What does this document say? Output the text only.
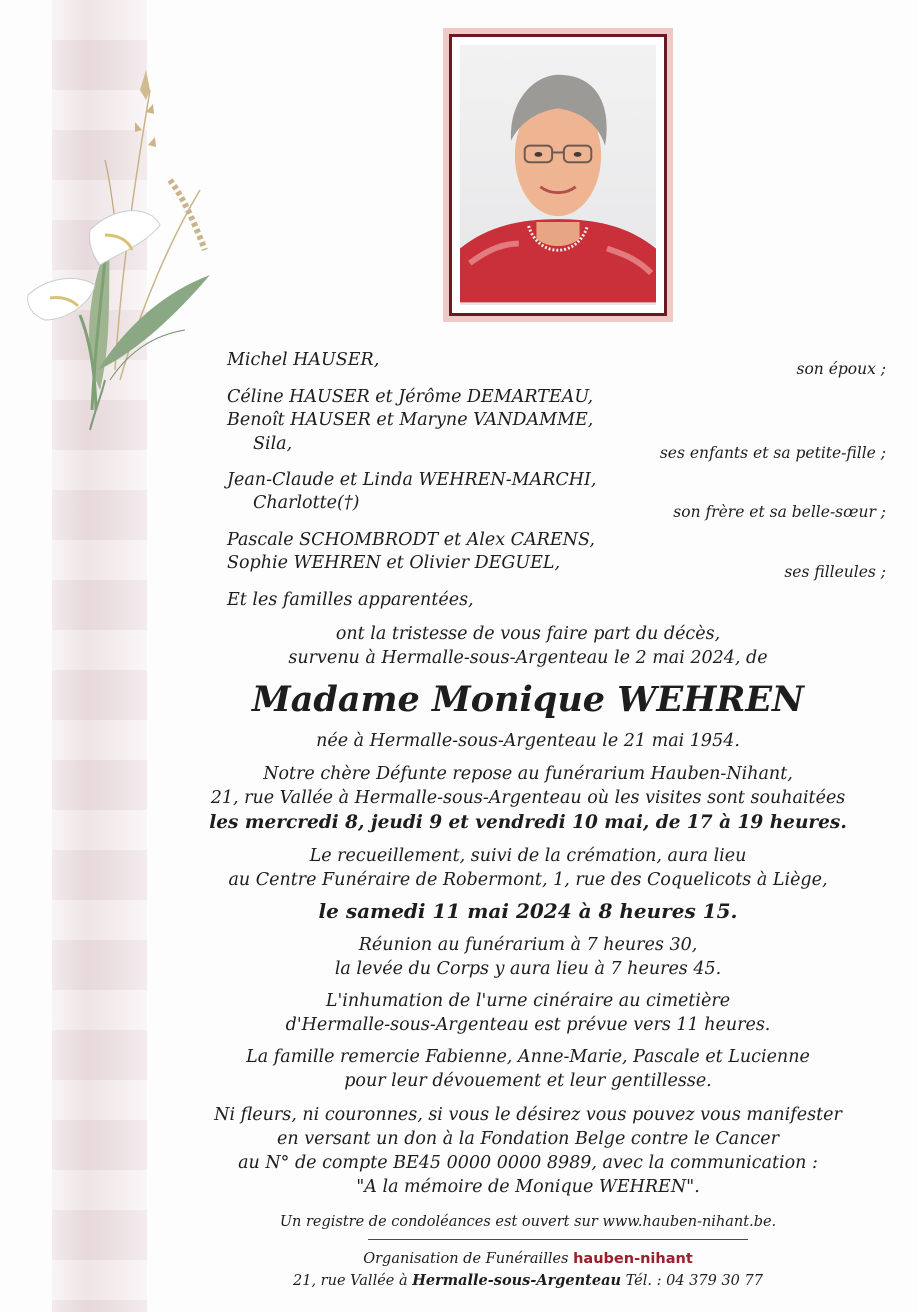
Michel HAUSER,	son époux ;
Céline HAUSER et Jérôme DEMARTEAU,
Benoît HAUSER et Maryne VANDAMME,
Sila,	ses enfants et sa petite-fille ;
Jean-Claude et Linda WEHREN-MARCHI,
Charlotte(†)	son frère et sa belle-sœur ;
Pascale SCHOMBRODT et Alex CARENS,
Sophie WEHREN et Olivier DEGUEL,	ses filleules ;
Et les familles apparentées,
ont la tristesse de vous faire part du décès,
survenu à Hermalle-sous-Argenteau le 2 mai 2024, de
Madame Monique WEHREN
née à Hermalle-sous-Argenteau le 21 mai 1954.
Notre chère Défunte repose au funérarium Hauben-Nihant,
21, rue Vallée à Hermalle-sous-Argenteau où les visites sont souhaitées
les mercredi 8, jeudi 9 et vendredi 10 mai, de 17 à 19 heures.
Le recueillement, suivi de la crémation, aura lieu
au Centre Funéraire de Robermont, 1, rue des Coquelicots à Liège,
le samedi 11 mai 2024 à 8 heures 15.
Réunion au funérarium à 7 heures 30,
la levée du Corps y aura lieu à 7 heures 45.
L'inhumation de l'urne cinéraire au cimetière
d'Hermalle-sous-Argenteau est prévue vers 11 heures.
La famille remercie Fabienne, Anne-Marie, Pascale et Lucienne
pour leur dévouement et leur gentillesse.
Ni fleurs, ni couronnes, si vous le désirez vous pouvez vous manifester
en versant un don à la Fondation Belge contre le Cancer
au N° de compte BE45 0000 0000 8989, avec la communication :
"A la mémoire de Monique WEHREN".
Un registre de condoléances est ouvert sur www.hauben-nihant.be.
Organisation de Funérailles hauben-nihant
21, rue Vallée à Hermalle-sous-Argenteau Tél. : 04 379 30 77
